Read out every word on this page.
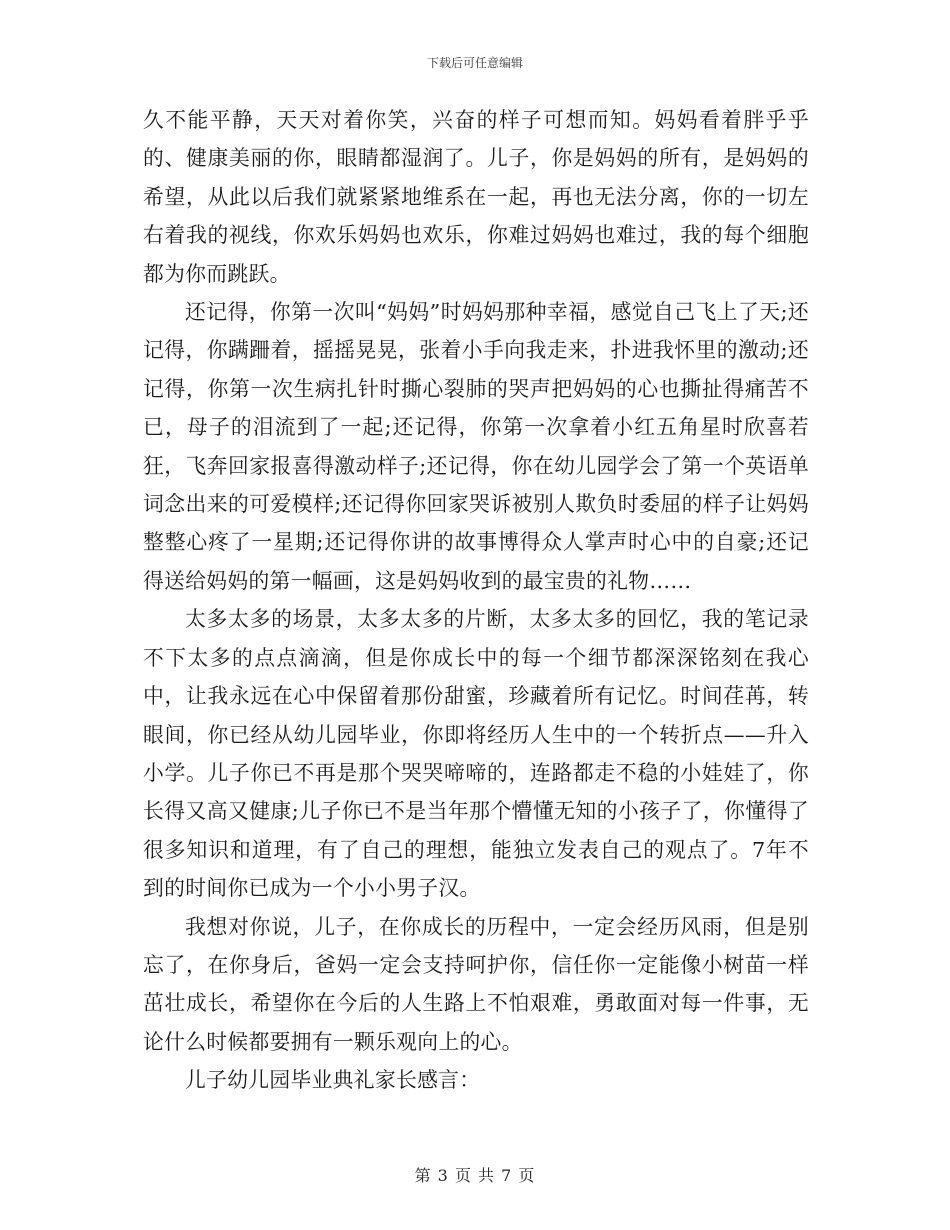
下载后可任意编辑

久不能平静，天天对着你笑，兴奋的样子可想而知。妈妈看着胖乎乎的、健康美丽的你，眼睛都湿润了。儿子，你是妈妈的所有，是妈妈的希望，从此以后我们就紧紧地维系在一起，再也无法分离，你的一切左右着我的视线，你欢乐妈妈也欢乐，你难过妈妈也难过，我的每个细胞都为你而跳跃。

还记得，你第一次叫“妈妈”时妈妈那种幸福，感觉自己飞上了天;还记得，你蹒跚着，摇摇晃晃，张着小手向我走来，扑进我怀里的激动;还记得，你第一次生病扎针时撕心裂肺的哭声把妈妈的心也撕扯得痛苦不已，母子的泪流到了一起;还记得，你第一次拿着小红五角星时欣喜若狂，飞奔回家报喜得激动样子;还记得，你在幼儿园学会了第一个英语单词念出来的可爱模样;还记得你回家哭诉被别人欺负时委屈的样子让妈妈整整心疼了一星期;还记得你讲的故事博得众人掌声时心中的自豪;还记得送给妈妈的第一幅画，这是妈妈收到的最宝贵的礼物……

太多太多的场景，太多太多的片断，太多太多的回忆，我的笔记录不下太多的点点滴滴，但是你成长中的每一个细节都深深铭刻在我心中，让我永远在心中保留着那份甜蜜，珍藏着所有记忆。时间荏苒，转眼间，你已经从幼儿园毕业，你即将经历人生中的一个转折点——升入小学。儿子你已不再是那个哭哭啼啼的，连路都走不稳的小娃娃了，你长得又高又健康;儿子你已不是当年那个懵懂无知的小孩子了，你懂得了很多知识和道理，有了自己的理想，能独立发表自己的观点了。7年不到的时间你已成为一个小小男子汉。

我想对你说，儿子，在你成长的历程中，一定会经历风雨，但是别忘了，在你身后，爸妈一定会支持呵护你，信任你一定能像小树苗一样茁壮成长，希望你在今后的人生路上不怕艰难，勇敢面对每一件事，无论什么时候都要拥有一颗乐观向上的心。

儿子幼儿园毕业典礼家长感言：

第 3 页 共 7 页
